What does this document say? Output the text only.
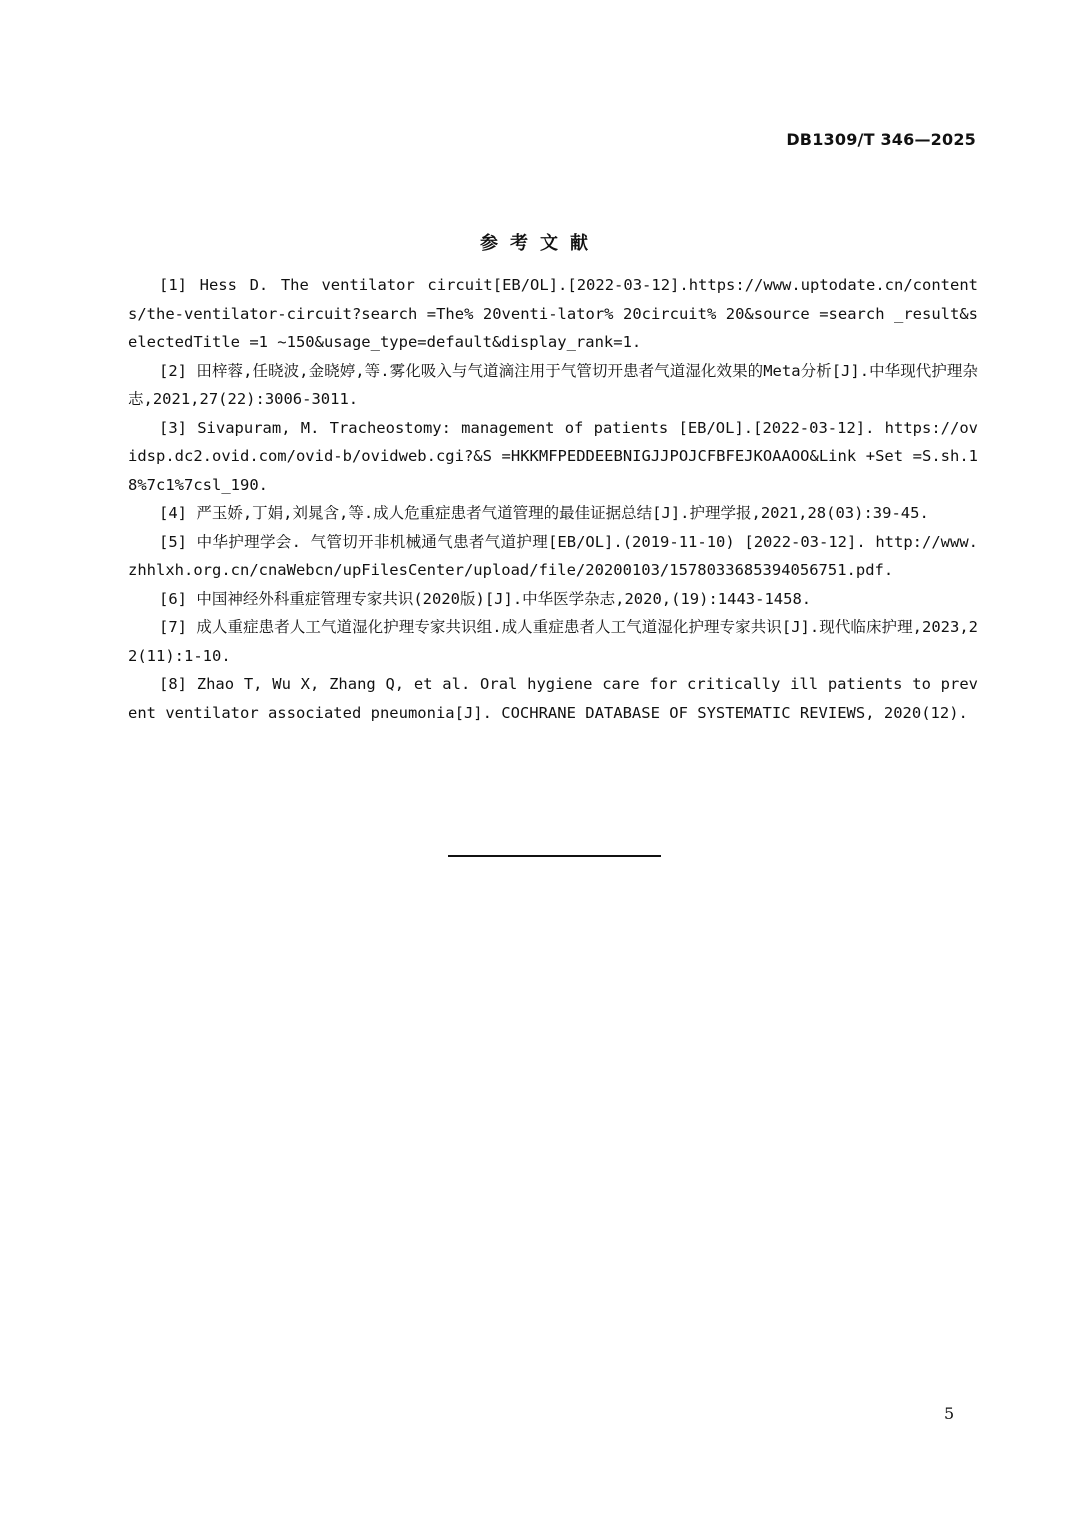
DB1309/T 346—2025
参考文献
[1] Hess D. The ventilator circuit[EB/OL].[2022-03-12].https://www.uptodate.cn/contents/the-ventilator-circuit?search =The% 20venti-lator% 20circuit% 20&source =search _result&selectedTitle =1 ~150&usage_type=default&display_rank=1.
[2] 田梓蓉,任晓波,金晓婷,等.雾化吸入与气道滴注用于气管切开患者气道湿化效果的Meta分析[J].中华现代护理杂志,2021,27(22):3006-3011.
[3] Sivapuram, M. Tracheostomy: management of patients [EB/OL].[2022-03-12]. https://ovidsp.dc2.ovid.com/ovid-b/ovidweb.cgi?&S =HKKMFPEDDEEBNIGJJPOJCFBFEJKOAAOO&Link +Set =S.sh.18%7c1%7csl_190.
[4] 严玉娇,丁娟,刘晁含,等.成人危重症患者气道管理的最佳证据总结[J].护理学报,2021,28(03):39-45.
[5] 中华护理学会. 气管切开非机械通气患者气道护理[EB/OL].(2019-11-10) [2022-03-12]. http://www.zhhlxh.org.cn/cnaWebcn/upFilesCenter/upload/file/20200103/1578033685394056751.pdf.
[6] 中国神经外科重症管理专家共识(2020版)[J].中华医学杂志,2020,(19):1443-1458.
[7] 成人重症患者人工气道湿化护理专家共识组.成人重症患者人工气道湿化护理专家共识[J].现代临床护理,2023,22(11):1-10.
[8] Zhao T, Wu X, Zhang Q, et al. Oral hygiene care for critically ill patients to prevent ventilator associated pneumonia[J]. COCHRANE DATABASE OF SYSTEMATIC REVIEWS, 2020(12).
5
